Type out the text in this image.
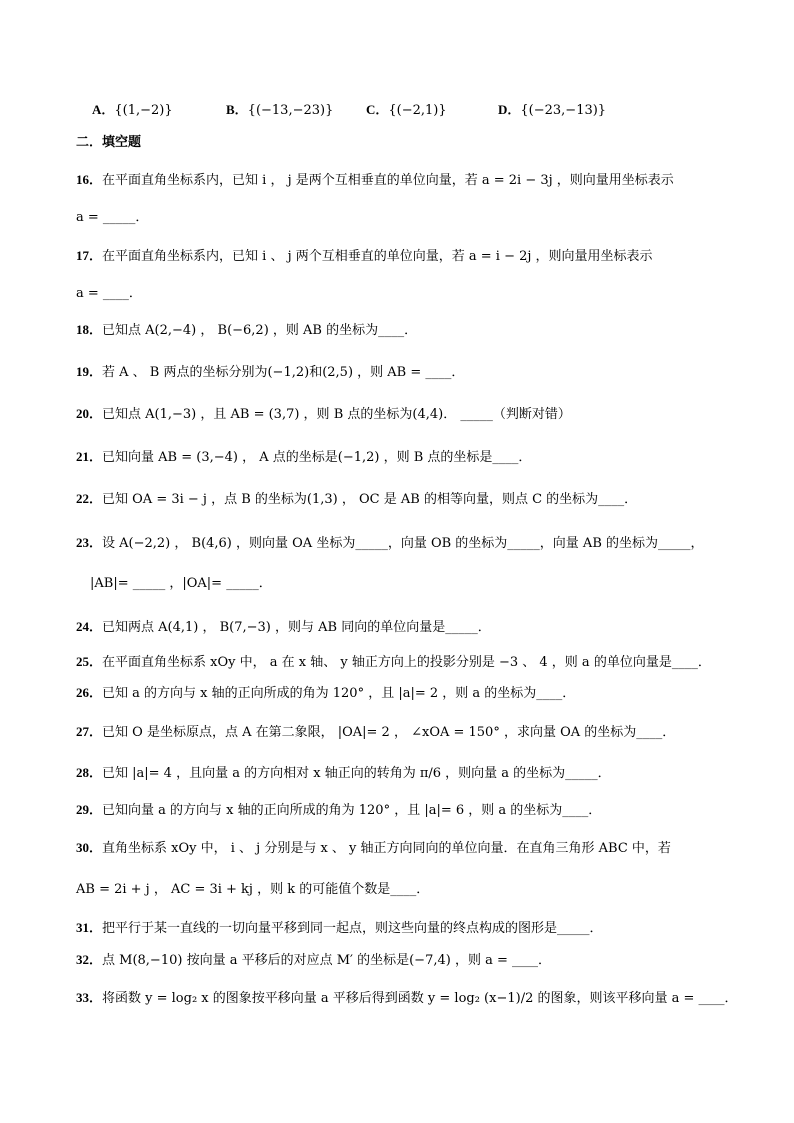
A．{(1,−2)}	B．{(−13,−23)}	C．{(−2,1)}	D．{(−23,−13)}
二．填空题
16．在平面直角坐标系内，已知 i ， j 是两个互相垂直的单位向量，若 a = 2i − 3j ，则向量用坐标表示
a = _____．
17．在平面直角坐标系内，已知 i 、 j 两个互相垂直的单位向量，若 a = i − 2j ，则向量用坐标表示
a = ____．
18．已知点 A(2,−4) ， B(−6,2) ，则 AB 的坐标为____．
19．若 A 、 B 两点的坐标分别为(−1,2)和(2,5) ，则 AB = ____．
20．已知点 A(1,−3) ，且 AB = (3,7) ，则 B 点的坐标为(4,4)． _____（判断对错）
21．已知向量 AB = (3,−4) ， A 点的坐标是(−1,2) ，则 B 点的坐标是____．
22．已知 OA = 3i − j ，点 B 的坐标为(1,3) ， OC 是 AB 的相等向量，则点 C 的坐标为____．
23．设 A(−2,2) ， B(4,6) ，则向量 OA 坐标为_____，向量 OB 的坐标为_____，向量 AB 的坐标为_____，
|AB|= _____ ，|OA|= _____．
24．已知两点 A(4,1) ， B(7,−3) ，则与 AB 同向的单位向量是_____．
25．在平面直角坐标系 xOy 中， a 在 x 轴、 y 轴正方向上的投影分别是 −3 、 4 ，则 a 的单位向量是____．
26．已知 a 的方向与 x 轴的正向所成的角为 120° ，且 |a|= 2 ，则 a 的坐标为____．
27．已知 O 是坐标原点，点 A 在第二象限， |OA|= 2 ， ∠xOA = 150° ，求向量 OA 的坐标为____．
28．已知 |a|= 4 ，且向量 a 的方向相对 x 轴正向的转角为 π/6 ，则向量 a 的坐标为_____．
29．已知向量 a 的方向与 x 轴的正向所成的角为 120° ，且 |a|= 6 ，则 a 的坐标为____．
30．直角坐标系 xOy 中， i 、 j 分别是与 x 、 y 轴正方向同向的单位向量．在直角三角形 ABC 中，若
AB = 2i + j ， AC = 3i + kj ，则 k 的可能值个数是____．
31．把平行于某一直线的一切向量平移到同一起点，则这些向量的终点构成的图形是_____．
32．点 M(8,−10) 按向量 a 平移后的对应点 M′ 的坐标是(−7,4) ，则 a = ____．
33．将函数 y = log₂ x 的图象按平移向量 a 平移后得到函数 y = log₂ (x−1)/2 的图象，则该平移向量 a = ____．
